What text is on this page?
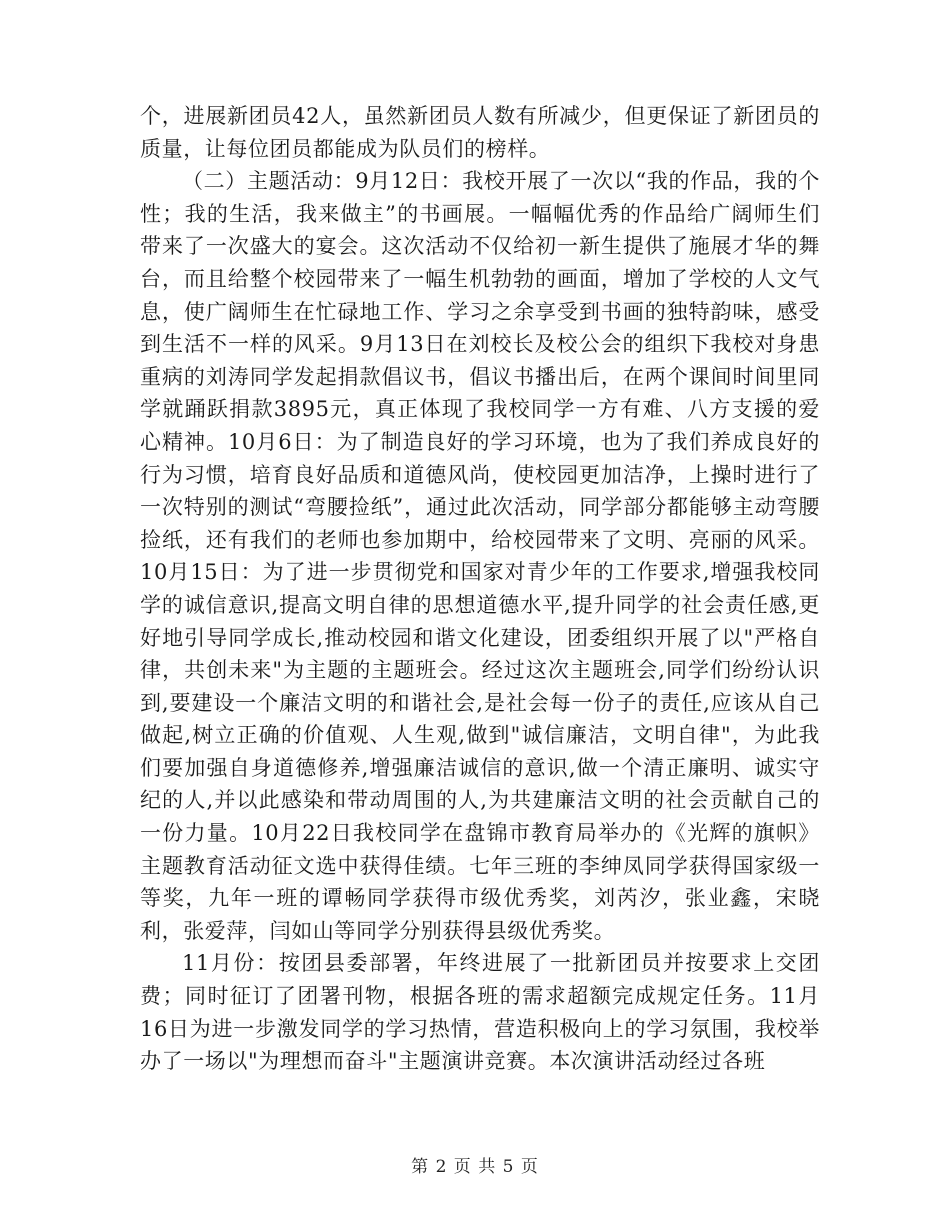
个，进展新团员42人，虽然新团员人数有所减少，但更保证了新团员的质量，让每位团员都能成为队员们的榜样。

（二）主题活动：9月12日：我校开展了一次以“我的作品，我的个性；我的生活，我来做主”的书画展。一幅幅优秀的作品给广阔师生们带来了一次盛大的宴会。这次活动不仅给初一新生提供了施展才华的舞台，而且给整个校园带来了一幅生机勃勃的画面，增加了学校的人文气息，使广阔师生在忙碌地工作、学习之余享受到书画的独特韵味，感受到生活不一样的风采。9月13日在刘校长及校公会的组织下我校对身患重病的刘涛同学发起捐款倡议书，倡议书播出后，在两个课间时间里同学就踊跃捐款3895元，真正体现了我校同学一方有难、八方支援的爱心精神。10月6日：为了制造良好的学习环境，也为了我们养成良好的行为习惯，培育良好品质和道德风尚，使校园更加洁净，上操时进行了一次特别的测试“弯腰捡纸”，通过此次活动，同学部分都能够主动弯腰捡纸，还有我们的老师也参加期中，给校园带来了文明、亮丽的风采。10月15日：为了进一步贯彻党和国家对青少年的工作要求,增强我校同学的诚信意识,提高文明自律的思想道德水平,提升同学的社会责任感,更好地引导同学成长,推动校园和谐文化建设，团委组织开展了以"严格自律，共创未来"为主题的主题班会。经过这次主题班会,同学们纷纷认识到,要建设一个廉洁文明的和谐社会,是社会每一份子的责任,应该从自己做起,树立正确的价值观、人生观,做到"诚信廉洁，文明自律"，为此我们要加强自身道德修养,增强廉洁诚信的意识,做一个清正廉明、诚实守纪的人,并以此感染和带动周围的人,为共建廉洁文明的社会贡献自己的一份力量。10月22日我校同学在盘锦市教育局举办的《光辉的旗帜》主题教育活动征文选中获得佳绩。七年三班的李绅凤同学获得国家级一等奖，九年一班的谭畅同学获得市级优秀奖，刘芮汐，张业鑫，宋晓利，张爱萍，闫如山等同学分别获得县级优秀奖。

11月份：按团县委部署，年终进展了一批新团员并按要求上交团费；同时征订了团署刊物，根据各班的需求超额完成规定任务。11月16日为进一步激发同学的学习热情，营造积极向上的学习氛围，我校举办了一场以"为理想而奋斗"主题演讲竞赛。本次演讲活动经过各班

第 2 页 共 5 页
